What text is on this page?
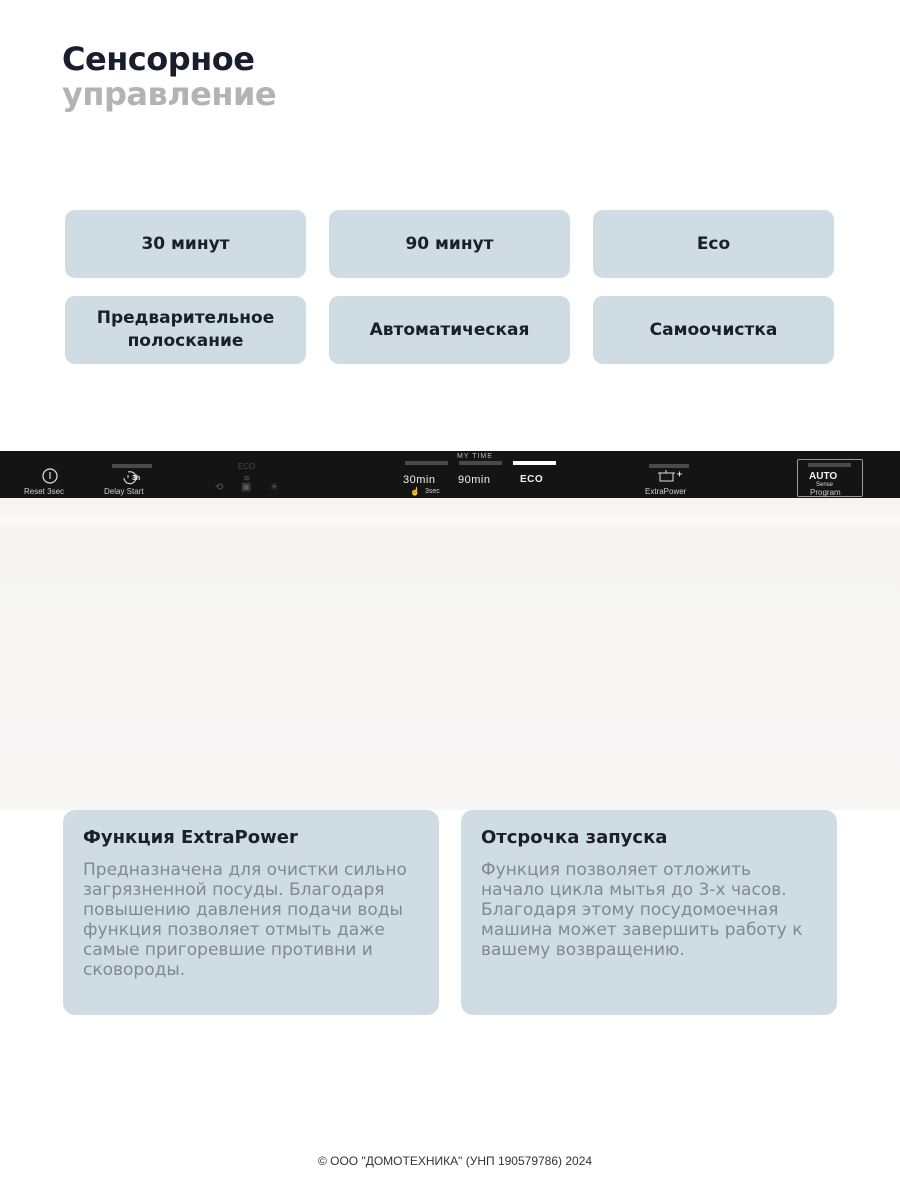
Сенсорное
управление
30 минут	90 минут	Eco
Предварительное
полоскание
Автоматическая	Самоочистка
Reset 3sec
3h
Delay Start
ECO
≋
⟲ ▣ ✳
MY TIME
30min 90min	ECO
☝ 3sec	ExtraPower
AUTO
Sense
Program
Функция ExtraPower

Предназначена для очистки сильно загрязненной посуды. Благодаря повышению давления подачи воды функция позволяет отмыть даже самые пригоревшие противни и сковороды.

Отсрочка запуска

Функция позволяет отложить начало цикла мытья до 3-х часов. Благодаря этому посудомоечная машина может завершить работу к вашему возвращению.

© ООО "ДОМОТЕХНИКА" (УНП 190579786) 2024
